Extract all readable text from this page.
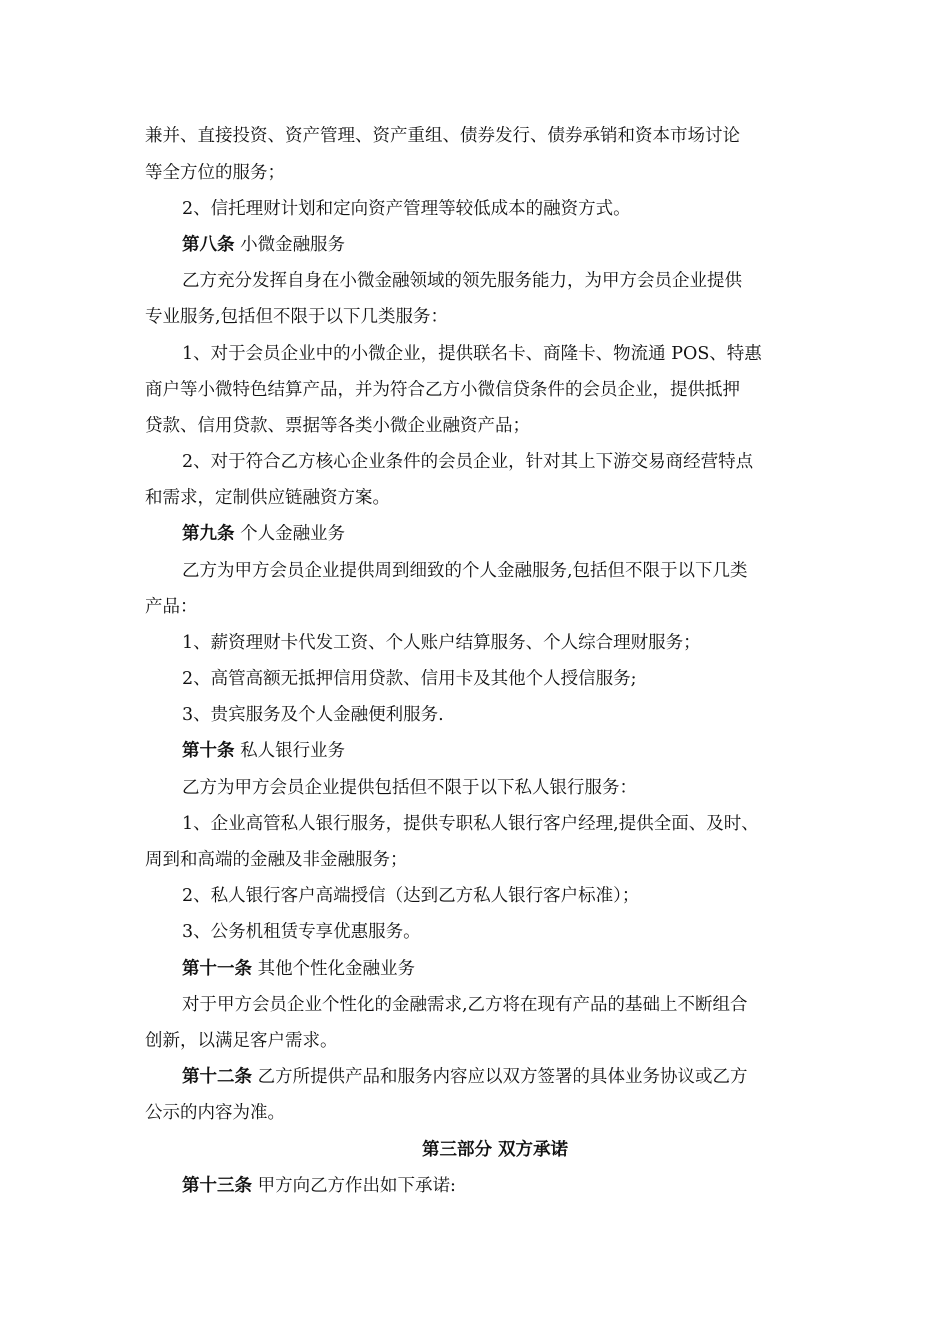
兼并、直接投资、资产管理、资产重组、债券发行、债券承销和资本市场讨论
等全方位的服务；
2、信托理财计划和定向资产管理等较低成本的融资方式。
第八条 小微金融服务
乙方充分发挥自身在小微金融领域的领先服务能力，为甲方会员企业提供
专业服务,包括但不限于以下几类服务：
1、对于会员企业中的小微企业，提供联名卡、商隆卡、物流通 POS、特惠
商户等小微特色结算产品，并为符合乙方小微信贷条件的会员企业，提供抵押
贷款、信用贷款、票据等各类小微企业融资产品；
2、对于符合乙方核心企业条件的会员企业，针对其上下游交易商经营特点
和需求，定制供应链融资方案。
第九条 个人金融业务
乙方为甲方会员企业提供周到细致的个人金融服务,包括但不限于以下几类
产品：
1、薪资理财卡代发工资、个人账户结算服务、个人综合理财服务；
2、高管高额无抵押信用贷款、信用卡及其他个人授信服务;
3、贵宾服务及个人金融便利服务.
第十条 私人银行业务
乙方为甲方会员企业提供包括但不限于以下私人银行服务：
1、企业高管私人银行服务，提供专职私人银行客户经理,提供全面、及时、
周到和高端的金融及非金融服务；
2、私人银行客户高端授信（达到乙方私人银行客户标准）；
3、公务机租赁专享优惠服务。
第十一条 其他个性化金融业务
对于甲方会员企业个性化的金融需求,乙方将在现有产品的基础上不断组合
创新，以满足客户需求。
第十二条 乙方所提供产品和服务内容应以双方签署的具体业务协议或乙方
公示的内容为准。
第三部分 双方承诺
第十三条 甲方向乙方作出如下承诺:
